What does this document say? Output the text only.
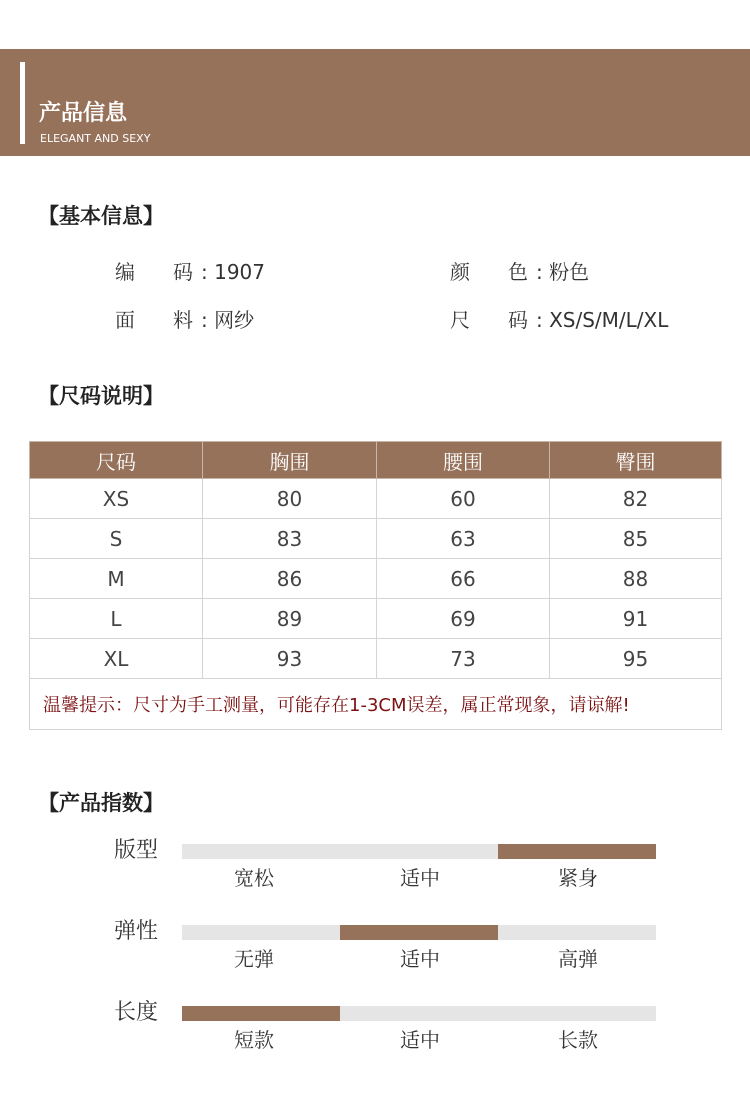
产品信息
ELEGANT AND SEXY
【基本信息】
编 码 : 1907	颜 色 : 粉色
面 料 : 网纱	尺 码 : XS/S/M/L/XL
【尺码说明】
尺码	胸围	腰围	臀围
XS	80	60	82
S	83	63	85
M	86	66	88
L	89	69	91
XL	93	73	95
温馨提示：尺寸为手工测量，可能存在1-3CM误差，属正常现象，请谅解!			
【产品指数】
版型
宽松	适中	紧身
弹性
无弹	适中	高弹
长度
短款	适中	长款
